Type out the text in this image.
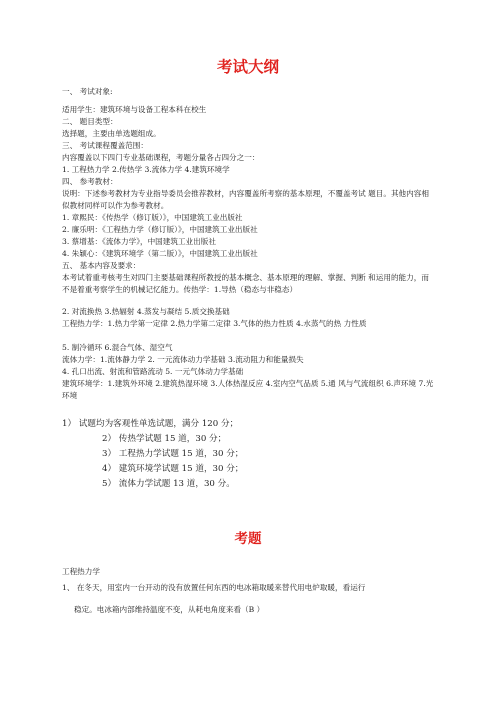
考试大纲
一、 考试对象:
适用学生：建筑环境与设备工程本科在校生
二、 题目类型：
选择题，主要由单选题组成。
三、 考试课程覆盖范围：
内容覆盖以下四门专业基础课程，考题分量各占四分之一：
1. 工程热力学 2.传热学 3.流体力学 4.建筑环境学
四、 参考教材：
说明：下述参考教材为专业指导委员会推荐教材，内容覆盖所考察的基本原理，不覆盖考试 题目。其他内容相似教材同样可以作为参考教材。
1. 章熙民：《传热学（修订版）》，中国建筑工业出版社
2. 廉乐明：《工程热力学（修订版）》，中国建筑工业出版社
3. 蔡增基：《流体力学》，中国建筑工业出版社
4. 朱颖心：《建筑环境学（第二版）》，中国建筑工业出版社
五、 基本内容及要求：
本考试着重考核考生对四门主要基础课程所教授的基本概念、基本原理的理解、掌握、判断 和运用的能力，而不是着重考察学生的机械记忆能力。传热学：1.导热（稳态与非稳态）
2. 对流换热 3.热辐射 4.蒸发与凝结 5.质交换基础
工程热力学：1.热力学第一定律 2.热力学第二定律 3.气体的热力性质 4.水蒸气的热 力性质
5. 制冷循环 6.混合气体、湿空气
流体力学：1.流体静力学 2. 一元流体动力学基础 3.流动阻力和能量损失
4. 孔口出流、射流和管路流动 5. 一元气体动力学基础
建筑环境学：1.建筑外环境 2.建筑热湿环境 3.人体热湿反应 4.室内空气品质 5.通 风与气流组织 6.声环境 7.光环境
1） 试题均为客观性单选试题，满分 120 分；
2） 传热学试题 15 道，30 分；
3） 工程热力学试题 15 道，30 分；
4） 建筑环境学试题 15 道，30 分；
5） 流体力学试题 13 道，30 分。
考题
工程热力学
1、 在冬天，用室内一台开动的没有放置任何东西的电冰箱取暖来替代用电炉取暖，看运行
稳定。电冰箱内部维持温度不变，从耗电角度来看（B ）
